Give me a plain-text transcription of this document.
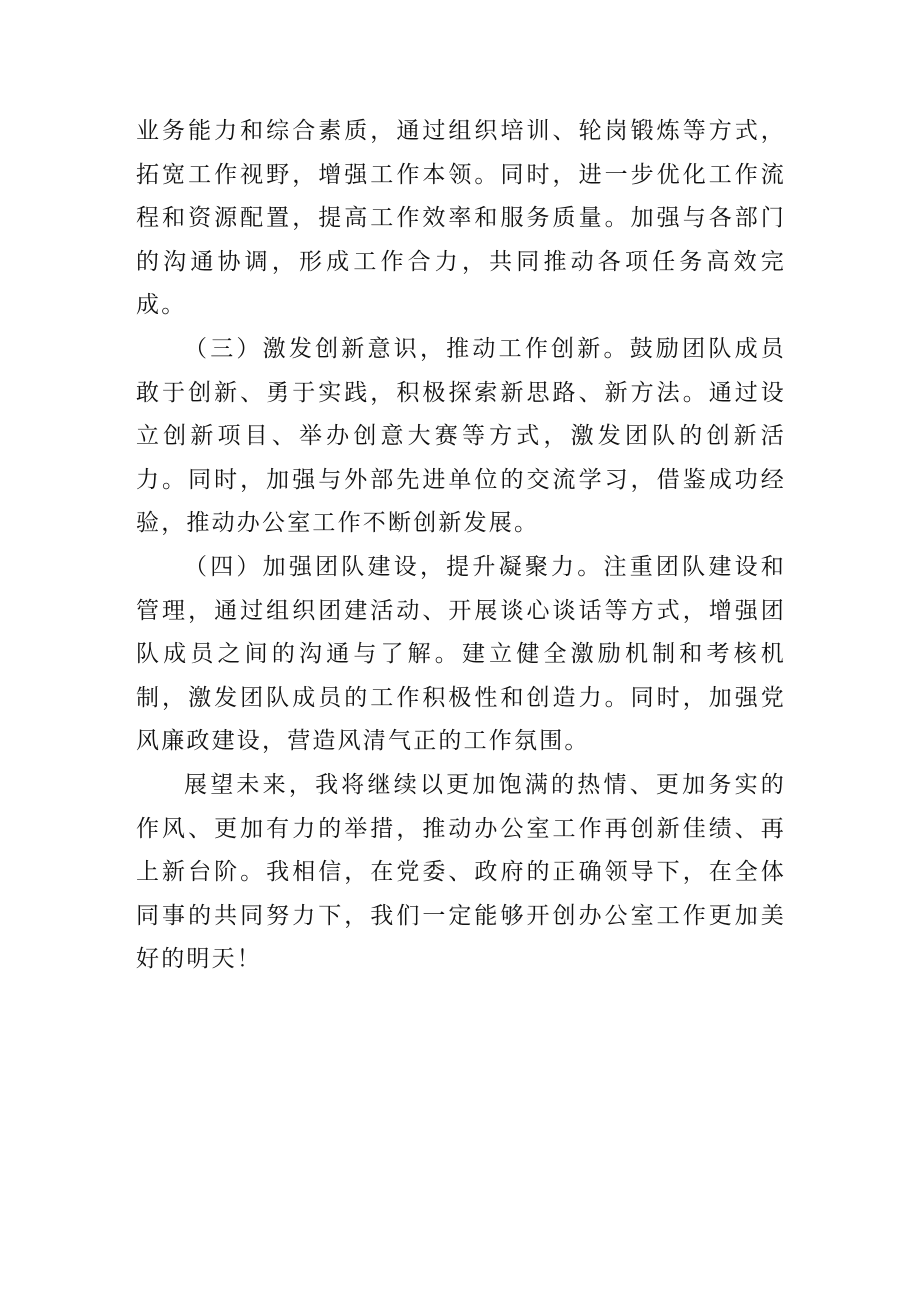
业务能力和综合素质，通过组织培训、轮岗锻炼等方式，拓宽工作视野，增强工作本领。同时，进一步优化工作流程和资源配置，提高工作效率和服务质量。加强与各部门的沟通协调，形成工作合力，共同推动各项任务高效完成。

（三）激发创新意识，推动工作创新。鼓励团队成员敢于创新、勇于实践，积极探索新思路、新方法。通过设立创新项目、举办创意大赛等方式，激发团队的创新活力。同时，加强与外部先进单位的交流学习，借鉴成功经验，推动办公室工作不断创新发展。

（四）加强团队建设，提升凝聚力。注重团队建设和管理，通过组织团建活动、开展谈心谈话等方式，增强团队成员之间的沟通与了解。建立健全激励机制和考核机制，激发团队成员的工作积极性和创造力。同时，加强党风廉政建设，营造风清气正的工作氛围。

展望未来，我将继续以更加饱满的热情、更加务实的作风、更加有力的举措，推动办公室工作再创新佳绩、再上新台阶。我相信，在党委、政府的正确领导下，在全体同事的共同努力下，我们一定能够开创办公室工作更加美好的明天！
